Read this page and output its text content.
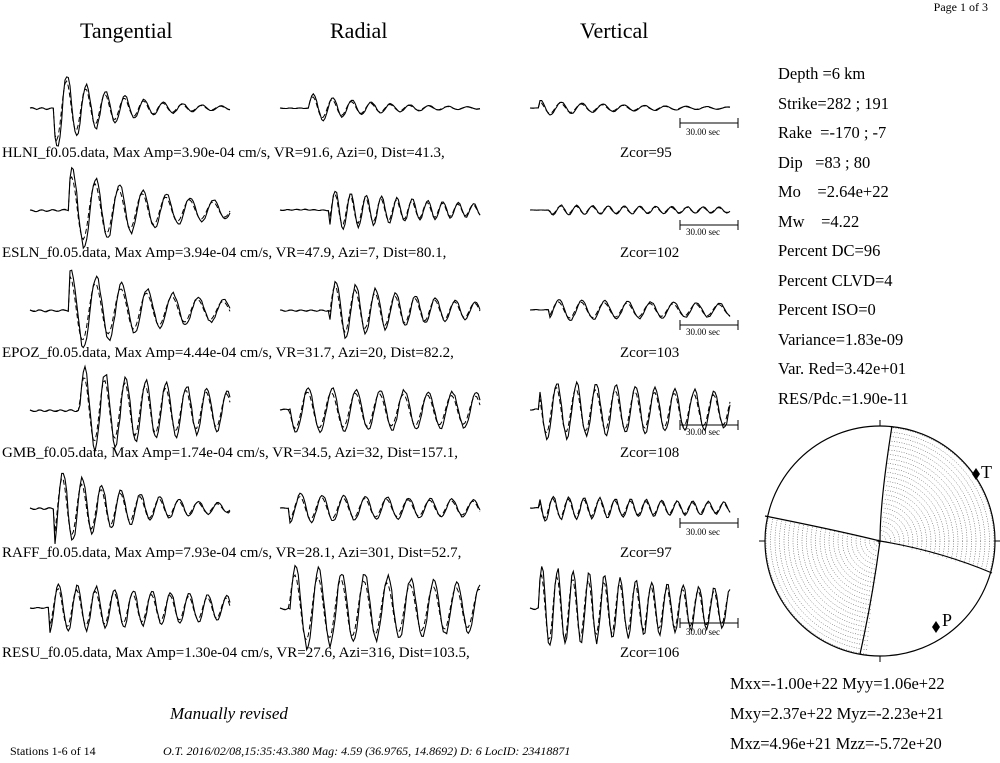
Page 1 of 3
Tangential	Radial	Vertical
+
T
P
HLNI_f0.05.data, Max Amp=3.90e-04 cm/s, VR=91.6, Azi=0, Dist=41.3,	Zcor=95
30.00 sec
ESLN_f0.05.data, Max Amp=3.94e-04 cm/s, VR=47.9, Azi=7, Dist=80.1,	Zcor=102
30.00 sec
EPOZ_f0.05.data, Max Amp=4.44e-04 cm/s, VR=31.7, Azi=20, Dist=82.2,	Zcor=103
30.00 sec
GMB_f0.05.data, Max Amp=1.74e-04 cm/s, VR=34.5, Azi=32, Dist=157.1,	Zcor=108
30.00 sec
RAFF_f0.05.data, Max Amp=7.93e-04 cm/s, VR=28.1, Azi=301, Dist=52.7,	Zcor=97
30.00 sec
RESU_f0.05.data, Max Amp=1.30e-04 cm/s, VR=27.6, Azi=316, Dist=103.5,	Zcor=106
30.00 sec
Depth =6 km
Strike=282 ; 191
Rake  =-170 ; -7
Dip   =83 ; 80
Mo    =2.64e+22
Mw    =4.22
Percent DC=96
Percent CLVD=4
Percent ISO=0
Variance=1.83e-09
Var. Red=3.42e+01
RES/Pdc.=1.90e-11
Mxx=-1.00e+22 Myy=1.06e+22
Mxy=2.37e+22 Myz=-2.23e+21
Mxz=4.96e+21 Mzz=-5.72e+20
Manually revised
Stations 1-6 of 14	O.T. 2016/02/08,15:35:43.380 Mag: 4.59 (36.9765, 14.8692) D: 6 LocID: 23418871
